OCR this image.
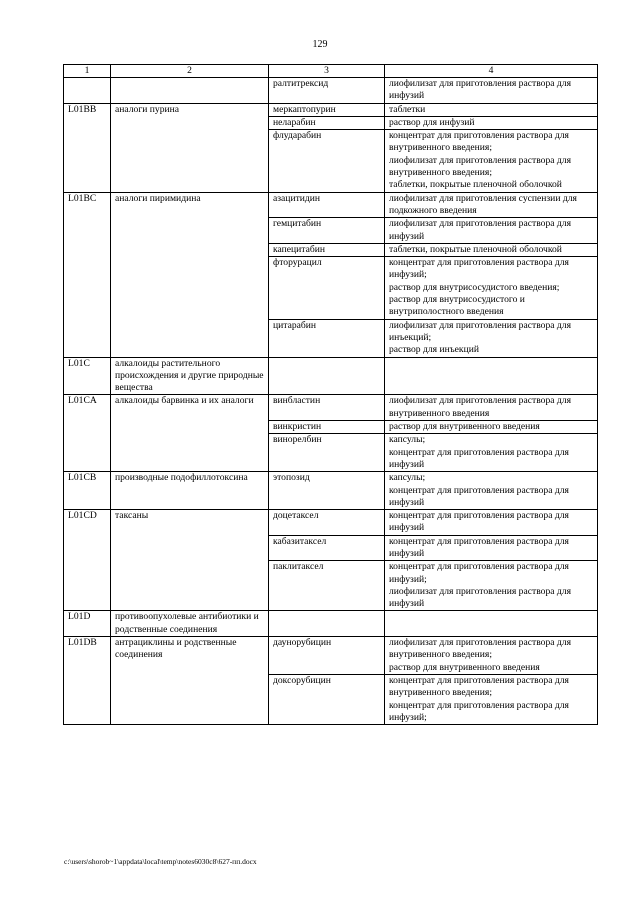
129
1	2	3	4
		ралтитрексид	лиофилизат для приготовления раствора для инфузий

L01BB	аналоги пурина	меркаптопурин	таблетки

		неларабин	раствор для инфузий

		флударабин	концентрат для приготовления раствора для внутривенного введения;
лиофилизат для приготовления раствора для внутривенного введения;
таблетки, покрытые пленочной оболочкой

L01BC	аналоги пиримидина	азацитидин	лиофилизат для приготовления суспензии для подкожного введения

		гемцитабин	лиофилизат для приготовления раствора для инфузий

		капецитабин	таблетки, покрытые пленочной оболочкой

		фторурацил	концентрат для приготовления раствора для инфузий;
раствор для внутрисосудистого введения;
раствор для внутрисосудистого и внутриполостного введения

		цитарабин	лиофилизат для приготовления раствора для инъекций;
раствор для инъекций

L01C	алкалоиды растительного происхождения и другие природные вещества		
L01CA	алкалоиды барвинка и их аналоги	винбластин	лиофилизат для приготовления раствора для внутривенного введения

		винкристин	раствор для внутривенного введения

		винорелбин	капсулы;
концентрат для приготовления раствора для инфузий

L01CB	производные подофиллотоксина	этопозид	капсулы;
концентрат для приготовления раствора для инфузий

L01CD	таксаны	доцетаксел	концентрат для приготовления раствора для инфузий

		кабазитаксел	концентрат для приготовления раствора для инфузий

		паклитаксел	концентрат для приготовления раствора для инфузий;
лиофилизат для приготовления раствора для инфузий

L01D	противоопухолевые антибиотики и родственные соединения		
L01DB	антрациклины и родственные соединения	даунорубицин	лиофилизат для приготовления раствора для внутривенного введения;
раствор для внутривенного введения

		доксорубицин	концентрат для приготовления раствора для внутривенного введения;
концентрат для приготовления раствора для инфузий;
c:\users\shorob~1\appdata\local\temp\notes6030c8\627-пп.docx
